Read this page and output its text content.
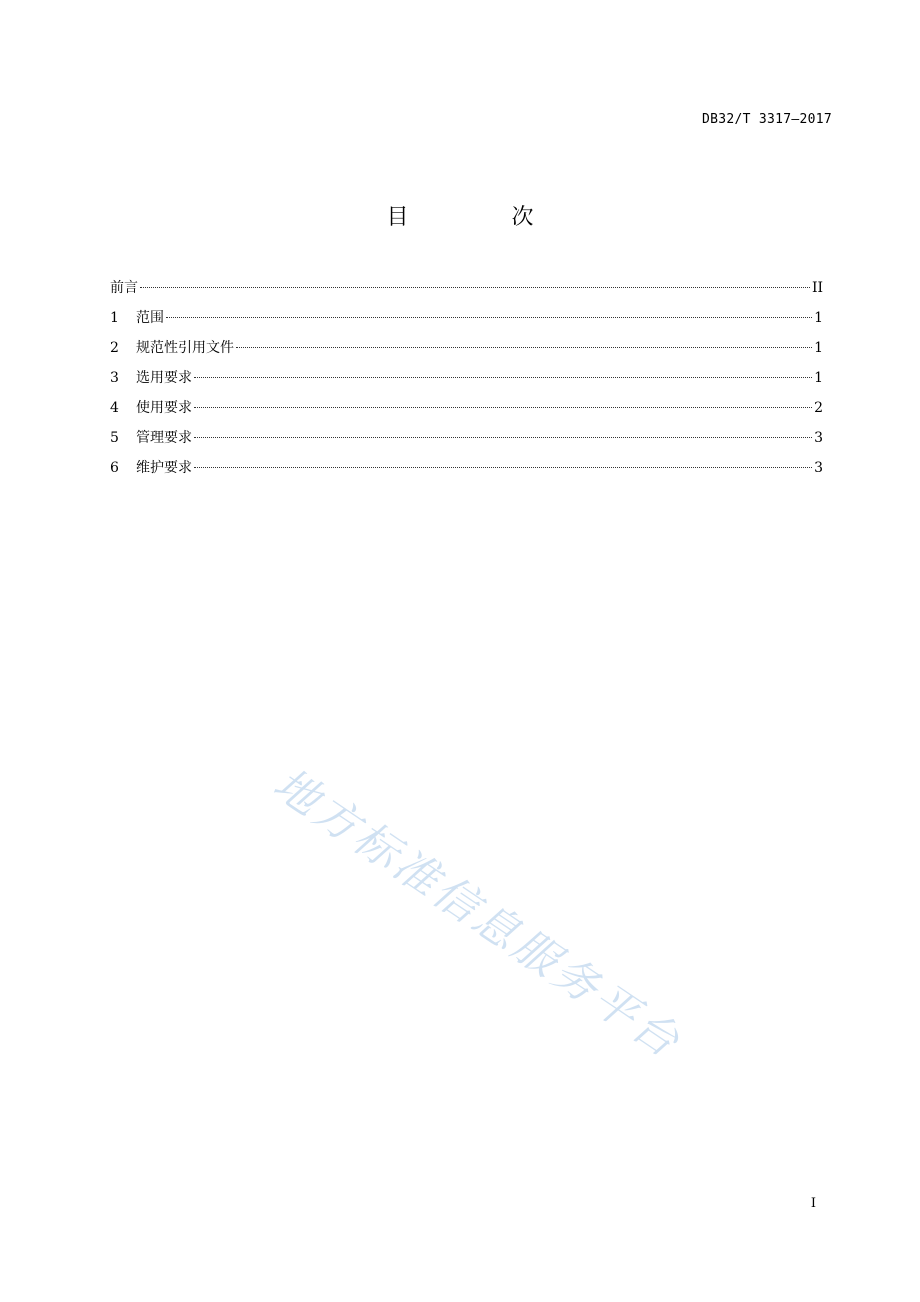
DB32/T 3317—2017
目 次
前言	II
1	范围	1
2	规范性引用文件	1
3	选用要求	1
4	使用要求	2
5	管理要求	3
6	维护要求	3
地方标准信息服务平台
I
